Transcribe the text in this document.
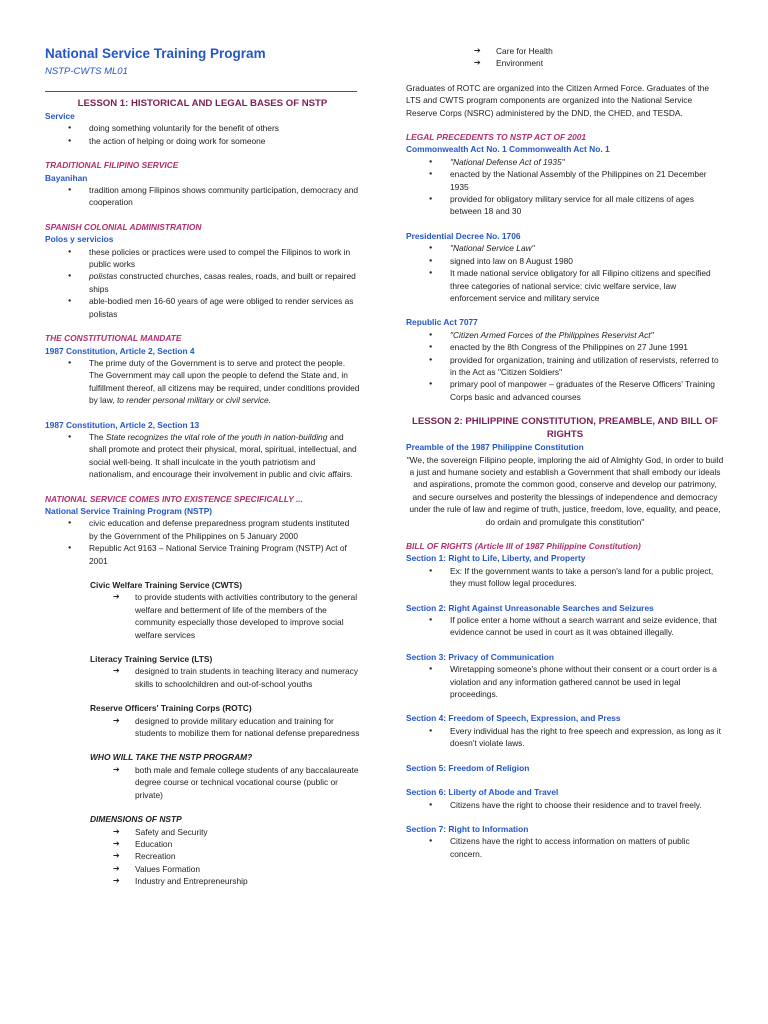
National Service Training Program
NSTP-CWTS ML01
LESSON 1: HISTORICAL AND LEGAL BASES OF NSTP
Service
● doing something voluntarily for the benefit of others
● the action of helping or doing work for someone
TRADITIONAL FILIPINO SERVICE
Bayanihan
● tradition among Filipinos shows community participation, democracy and cooperation
SPANISH COLONIAL ADMINISTRATION
Polos y servicios
● these policies or practices were used to compel the Filipinos to work in public works
● polistas constructed churches, casas reales, roads, and built or repaired ships
● able-bodied men 16-60 years of age were obliged to render services as polistas
THE CONSTITUTIONAL MANDATE
1987 Constitution, Article 2, Section 4
● The prime duty of the Government is to serve and protect the people. The Government may call upon the people to defend the State and, in fulfillment thereof, all citizens may be required, under conditions provided by law, to render personal military or civil service.
1987 Constitution, Article 2, Section 13
● The State recognizes the vital role of the youth in nation-building and shall promote and protect their physical, moral, spiritual, intellectual, and social well-being. It shall inculcate in the youth patriotism and nationalism, and encourage their involvement in public and civic affairs.
NATIONAL SERVICE COMES INTO EXISTENCE SPECIFICALLY ...
National Service Training Program (NSTP)
● civic education and defense preparedness program students instituted by the Government of the Philippines on 5 January 2000
● Republic Act 9163 – National Service Training Program (NSTP) Act of 2001
Civic Welfare Training Service (CWTS)
➔ to provide students with activities contributory to the general welfare and betterment of life of the members of the community especially those developed to improve social welfare services
Literacy Training Service (LTS)
➔ designed to train students in teaching literacy and numeracy skills to schoolchildren and out-of-school youths
Reserve Officers' Training Corps (ROTC)
➔ designed to provide military education and training for students to mobilize them for national defense preparedness
WHO WILL TAKE THE NSTP PROGRAM?
➔ both male and female college students of any baccalaureate degree course or technical vocational course (public or private)
DIMENSIONS OF NSTP
➔ Safety and Security
➔ Education
➔ Recreation
➔ Values Formation
➔ Industry and Entrepreneurship
➔ Care for Health
➔ Environment
Graduates of ROTC are organized into the Citizen Armed Force. Graduates of the LTS and CWTS program components are organized into the National Service Reserve Corps (NSRC) administered by the DND, the CHED, and TESDA.
LEGAL PRECEDENTS TO NSTP ACT OF 2001
Commonwealth Act No. 1 Commonwealth Act No. 1
● "National Defense Act of 1935"
● enacted by the National Assembly of the Philippines on 21 December 1935
● provided for obligatory military service for all male citizens of ages between 18 and 30
Presidential Decree No. 1706
● "National Service Law"
● signed into law on 8 August 1980
● It made national service obligatory for all Filipino citizens and specified three categories of national service: civic welfare service, law enforcement service and military service
Republic Act 7077
● "Citizen Armed Forces of the Philippines Reservist Act"
● enacted by the 8th Congress of the Philippines on 27 June 1991
● provided for organization, training and utilization of reservists, referred to in the Act as "Citizen Soldiers"
● primary pool of manpower – graduates of the Reserve Officers' Training Corps basic and advanced courses
LESSON 2: PHILIPPINE CONSTITUTION, PREAMBLE, AND BILL OF RIGHTS
Preamble of the 1987 Philippine Constitution
"We, the sovereign Filipino people, imploring the aid of Almighty God, in order to build a just and humane society and establish a Government that shall embody our ideals and aspirations, promote the common good, conserve and develop our patrimony, and secure ourselves and posterity the blessings of independence and democracy under the rule of law and regime of truth, justice, freedom, love, equality, and peace, do ordain and promulgate this constitution"
BILL OF RIGHTS (Article III of 1987 Philippine Constitution)
Section 1: Right to Life, Liberty, and Property
● Ex: If the government wants to take a person's land for a public project, they must follow legal procedures.
Section 2: Right Against Unreasonable Searches and Seizures
● If police enter a home without a search warrant and seize evidence, that evidence cannot be used in court as it was obtained illegally.
Section 3: Privacy of Communication
● Wiretapping someone's phone without their consent or a court order is a violation and any information gathered cannot be used in legal proceedings.
Section 4: Freedom of Speech, Expression, and Press
● Every individual has the right to free speech and expression, as long as it doesn't violate laws.
Section 5: Freedom of Religion
Section 6: Liberty of Abode and Travel
● Citizens have the right to choose their residence and to travel freely.
Section 7: Right to Information
● Citizens have the right to access information on matters of public concern.
